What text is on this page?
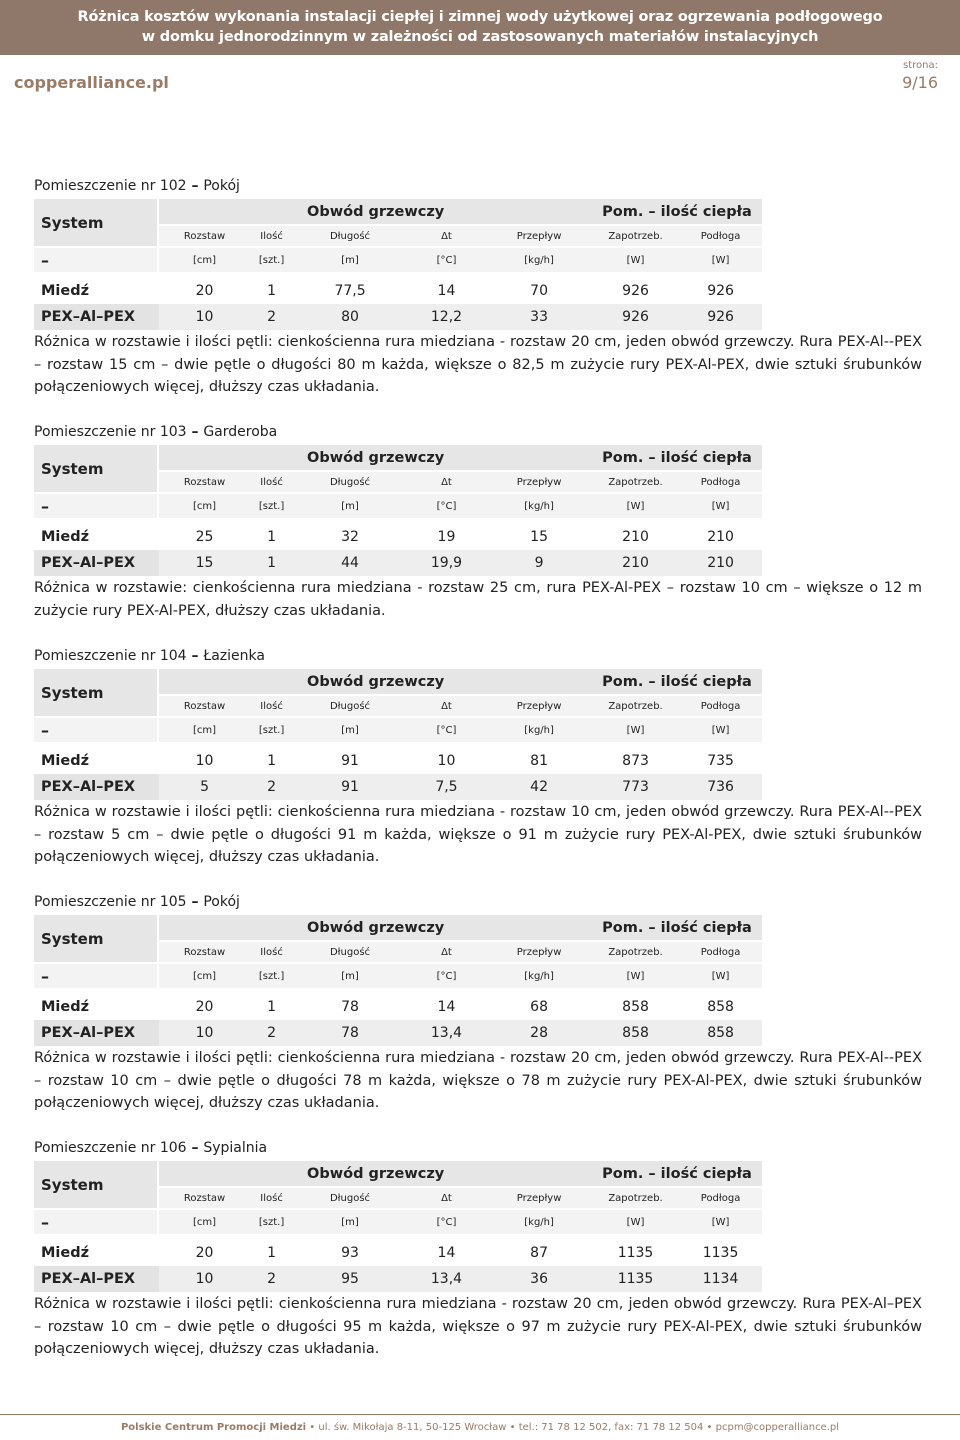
Różnica kosztów wykonania instalacji ciepłej i zimnej wody użytkowej oraz ogrzewania podłogowego
w domku jednorodzinnym w zależności od zastosowanych materiałów instalacyjnych
copperalliance.pl
strona:
9/16
Pomieszczenie nr 102 – Pokój
System	Obwód grzewczy					Pom. – ilość ciepła	
	Rozstaw	Ilość	Długość	Δt	Przepływ	Zapotrzeb.	Podłoga
–	[cm]	[szt.]	[m]	[°C]	[kg/h]	[W]	[W]

Miedź	20	1	77,5	14	70	926	926
PEX–Al–PEX	10	2	80	12,2	33	926	926
Różnica w rozstawie i ilości pętli: cienkościenna rura miedziana - rozstaw 20 cm, jeden obwód grzewczy. Rura PEX-Al--PEX – rozstaw 15 cm – dwie pętle o długości 80 m każda, większe o 82,5 m zużycie rury PEX-Al-PEX, dwie sztuki śrubunków połączeniowych więcej, dłuższy czas układania.
Pomieszczenie nr 103 – Garderoba
System	Obwód grzewczy					Pom. – ilość ciepła	
	Rozstaw	Ilość	Długość	Δt	Przepływ	Zapotrzeb.	Podłoga
–	[cm]	[szt.]	[m]	[°C]	[kg/h]	[W]	[W]

Miedź	25	1	32	19	15	210	210
PEX–Al–PEX	15	1	44	19,9	9	210	210
Różnica w rozstawie: cienkościenna rura miedziana - rozstaw 25 cm, rura PEX-Al-PEX – rozstaw 10 cm – większe o 12 m zużycie rury PEX-Al-PEX, dłuższy czas układania.
Pomieszczenie nr 104 – Łazienka
System	Obwód grzewczy					Pom. – ilość ciepła	
	Rozstaw	Ilość	Długość	Δt	Przepływ	Zapotrzeb.	Podłoga
–	[cm]	[szt.]	[m]	[°C]	[kg/h]	[W]	[W]

Miedź	10	1	91	10	81	873	735
PEX–Al–PEX	5	2	91	7,5	42	773	736
Różnica w rozstawie i ilości pętli: cienkościenna rura miedziana - rozstaw 10 cm, jeden obwód grzewczy. Rura PEX-Al--PEX – rozstaw 5 cm – dwie pętle o długości 91 m każda, większe o 91 m zużycie rury PEX-Al-PEX, dwie sztuki śrubunków połączeniowych więcej, dłuższy czas układania.
Pomieszczenie nr 105 – Pokój
System	Obwód grzewczy					Pom. – ilość ciepła	
	Rozstaw	Ilość	Długość	Δt	Przepływ	Zapotrzeb.	Podłoga
–	[cm]	[szt.]	[m]	[°C]	[kg/h]	[W]	[W]

Miedź	20	1	78	14	68	858	858
PEX–Al–PEX	10	2	78	13,4	28	858	858
Różnica w rozstawie i ilości pętli: cienkościenna rura miedziana - rozstaw 20 cm, jeden obwód grzewczy. Rura PEX-Al--PEX – rozstaw 10 cm – dwie pętle o długości 78 m każda, większe o 78 m zużycie rury PEX-Al-PEX, dwie sztuki śrubunków połączeniowych więcej, dłuższy czas układania.
Pomieszczenie nr 106 – Sypialnia
System	Obwód grzewczy					Pom. – ilość ciepła	
	Rozstaw	Ilość	Długość	Δt	Przepływ	Zapotrzeb.	Podłoga
–	[cm]	[szt.]	[m]	[°C]	[kg/h]	[W]	[W]

Miedź	20	1	93	14	87	1135	1135
PEX–Al–PEX	10	2	95	13,4	36	1135	1134
Różnica w rozstawie i ilości pętli: cienkościenna rura miedziana - rozstaw 20 cm, jeden obwód grzewczy. Rura PEX-Al–PEX – rozstaw 10 cm – dwie pętle o długości 95 m każda, większe o 97 m zużycie rury PEX-Al-PEX, dwie sztuki śrubunków połączeniowych więcej, dłuższy czas układania.
Polskie Centrum Promocji Miedzi • ul. św. Mikołaja 8-11, 50-125 Wrocław • tel.: 71 78 12 502, fax: 71 78 12 504 • pcpm@copperalliance.pl
